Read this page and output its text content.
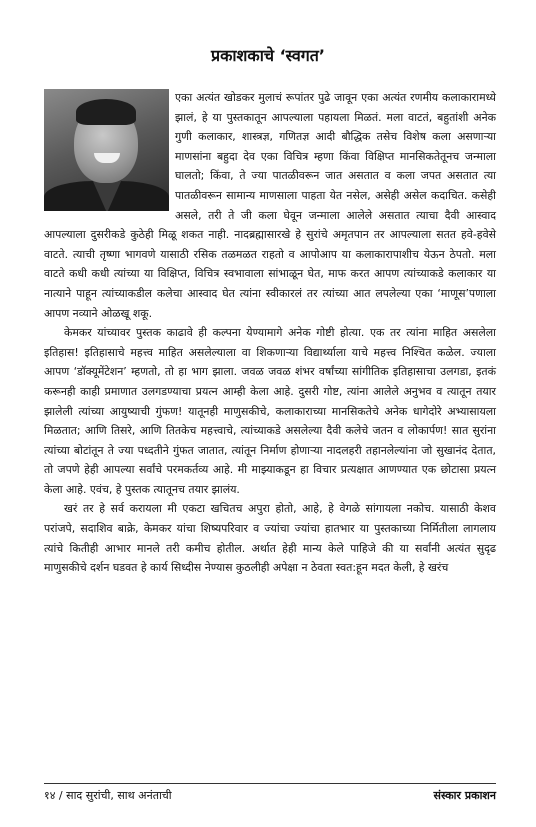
प्रकाशकाचे ‘स्वगत’

एका अत्यंत खोडकर मुलाचं रूपांतर पुढे जावून एका अत्यंत रणमीय कलाकारामध्ये झालं, हे या पुस्तकातून आपल्याला पहायला मिळतं. मला वाटतं, बहुतांशी अनेक गुणी कलाकार, शास्त्रज्ञ, गणितज्ञ आदी बौद्धिक तसेच विशेष कला असणाऱ्या माणसांना बहुदा देव एका विचित्र म्हणा किंवा विक्षिप्त मानसिकतेतूनच जन्माला घालतो; किंवा, ते ज्या पातळीवरून जात असतात व कला जपत असतात त्या पातळीवरून सामान्य माणसाला पाहता येत नसेल, असेही असेल कदाचित. कसेही असले, तरी ते जी कला घेवून जन्माला आलेले असतात त्याचा दैवी आस्वाद आपल्याला दुसरीकडे कुठेही मिळू शकत नाही. नादब्रह्मासारखे हे सुरांचे अमृतपान तर आपल्याला सतत हवे-हवेसे वाटते. त्याची तृष्णा भागवणे यासाठी रसिक तळमळत राहतो व आपोआप या कलाकारापाशीच येऊन ठेपतो. मला वाटते कधी कधी त्यांच्या या विक्षिप्त, विचित्र स्वभावाला सांभाळून घेत, माफ करत आपण त्यांच्याकडे कलाकार या नात्याने पाहून त्यांच्याकडील कलेचा आस्वाद घेत त्यांना स्वीकारलं तर त्यांच्या आत लपलेल्या एका ‘माणूस’पणाला आपण नव्याने ओळखू शकू.

केमकर यांच्यावर पुस्तक काढावे ही कल्पना येण्यामागे अनेक गोष्टी होत्या. एक तर त्यांना माहित असलेला इतिहास! इतिहासाचे महत्त्व माहित असलेल्याला वा शिकणाऱ्या विद्यार्थ्याला याचे महत्त्व निश्चित कळेल. ज्याला आपण ‘डॉक्यूमेंटेशन’ म्हणतो, तो हा भाग झाला. जवळ जवळ शंभर वर्षांच्या सांगीतिक इतिहासाचा उलगडा, इतकं करूनही काही प्रमाणात उलगडण्याचा प्रयत्न आम्ही केला आहे. दुसरी गोष्ट, त्यांना आलेले अनुभव व त्यातून तयार झालेली त्यांच्या आयुष्याची गुंफण! यातूनही माणुसकीचे, कलाकाराच्या मानसिकतेचे अनेक धागेदोरे अभ्यासायला मिळतात; आणि तिसरे, आणि तितकेच महत्त्वाचे, त्यांच्याकडे असलेल्या दैवी कलेचे जतन व लोकार्पण! सात सुरांना त्यांच्या बोटांतून ते ज्या पध्दतीने गुंफत जातात, त्यांतून निर्माण होणाऱ्या नादलहरी तहानलेल्यांना जो सुखानंद देतात, तो जपणे हेही आपल्या सर्वांचे परमकर्तव्य आहे. मी माझ्याकडून हा विचार प्रत्यक्षात आणण्यात एक छोटासा प्रयत्न केला आहे. एवंच, हे पुस्तक त्यातूनच तयार झालंय.

खरं तर हे सर्व करायला मी एकटा खचितच अपुरा होतो, आहे, हे वेगळे सांगायला नकोच. यासाठी केशव परांजपे, सदाशिव बाक्रे, केमकर यांचा शिष्यपरिवार व ज्यांचा ज्यांचा हातभार या पुस्तकाच्या निर्मितीला लागलाय त्यांचे कितीही आभार मानले तरी कमीच होतील. अर्थात हेही मान्य केले पाहिजे की या सर्वांनी अत्यंत सुदृढ माणुसकीचे दर्शन घडवत हे कार्य सिध्दीस नेण्यास कुठलीही अपेक्षा न ठेवता स्वत:हून मदत केली, हे खरंच

१४ / साद सुरांची, साथ अनंताची	संस्कार प्रकाशन
